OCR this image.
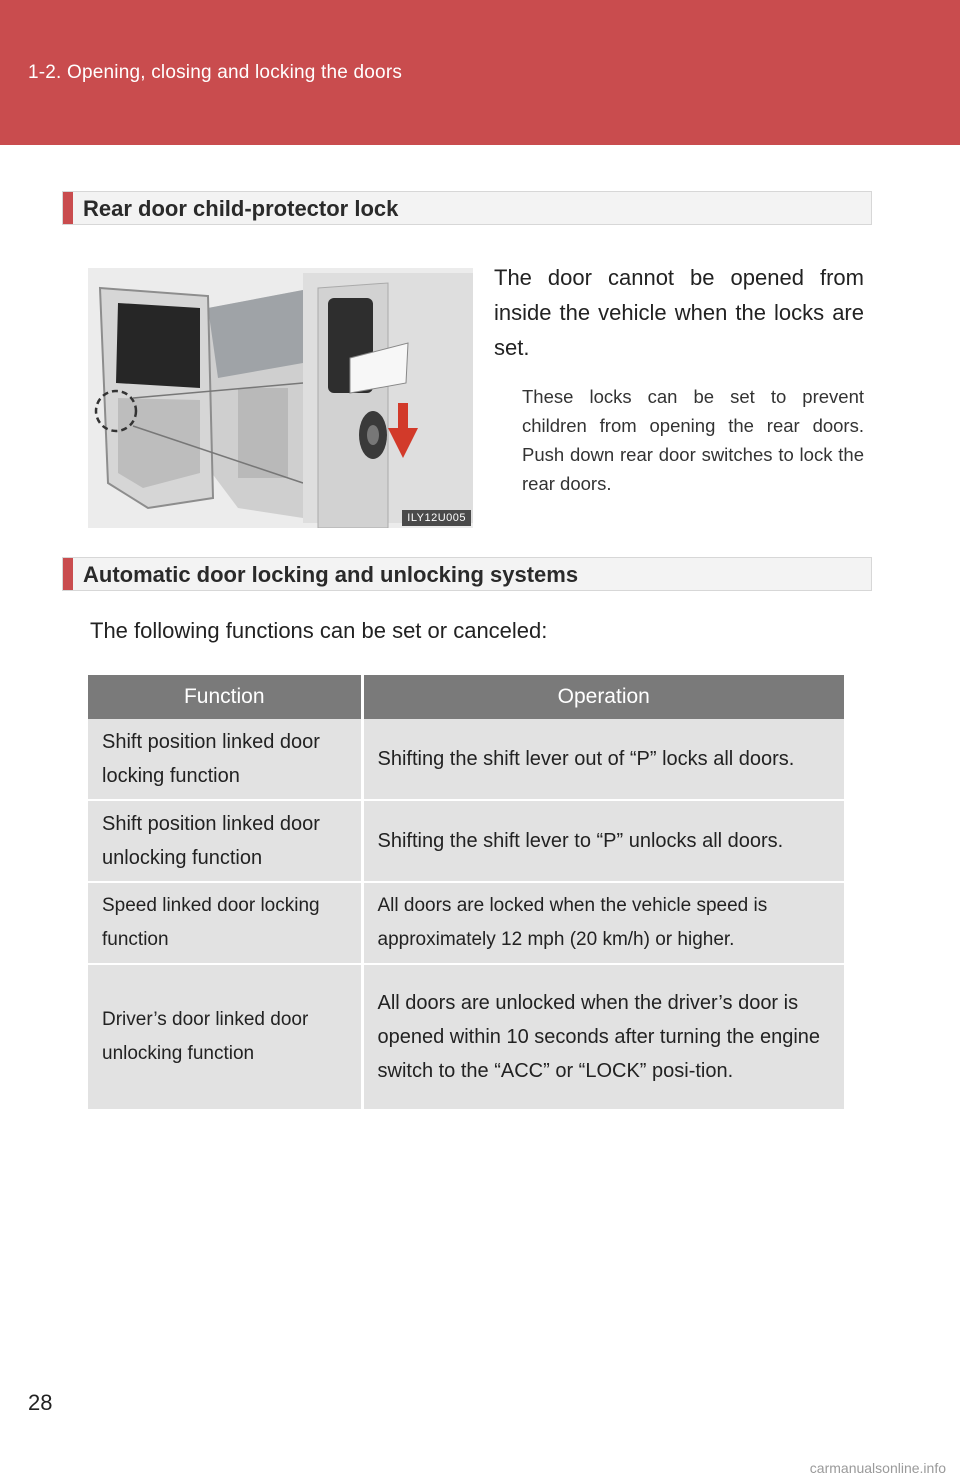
1-2. Opening, closing and locking the doors
Rear door child-protector lock
ILY12U005
The door cannot be opened from inside the vehicle when the locks are set.
These locks can be set to prevent children from opening the rear doors. Push down rear door switches to lock the rear doors.
Automatic door locking and unlocking systems
The following functions can be set or canceled:
Function	Operation
Shift position linked door locking function	Shifting the shift lever out of “P” locks all doors.
Shift position linked door unlocking function	Shifting the shift lever to “P” unlocks all doors.
Speed linked door locking function	All doors are locked when the vehicle speed is approximately 12 mph (20 km/h) or higher.
Driver’s door linked door unlocking function	All doors are unlocked when the driver’s door is opened within 10 seconds after turning the engine switch to the “ACC” or “LOCK” posi-tion.
28
carmanualsonline.info
